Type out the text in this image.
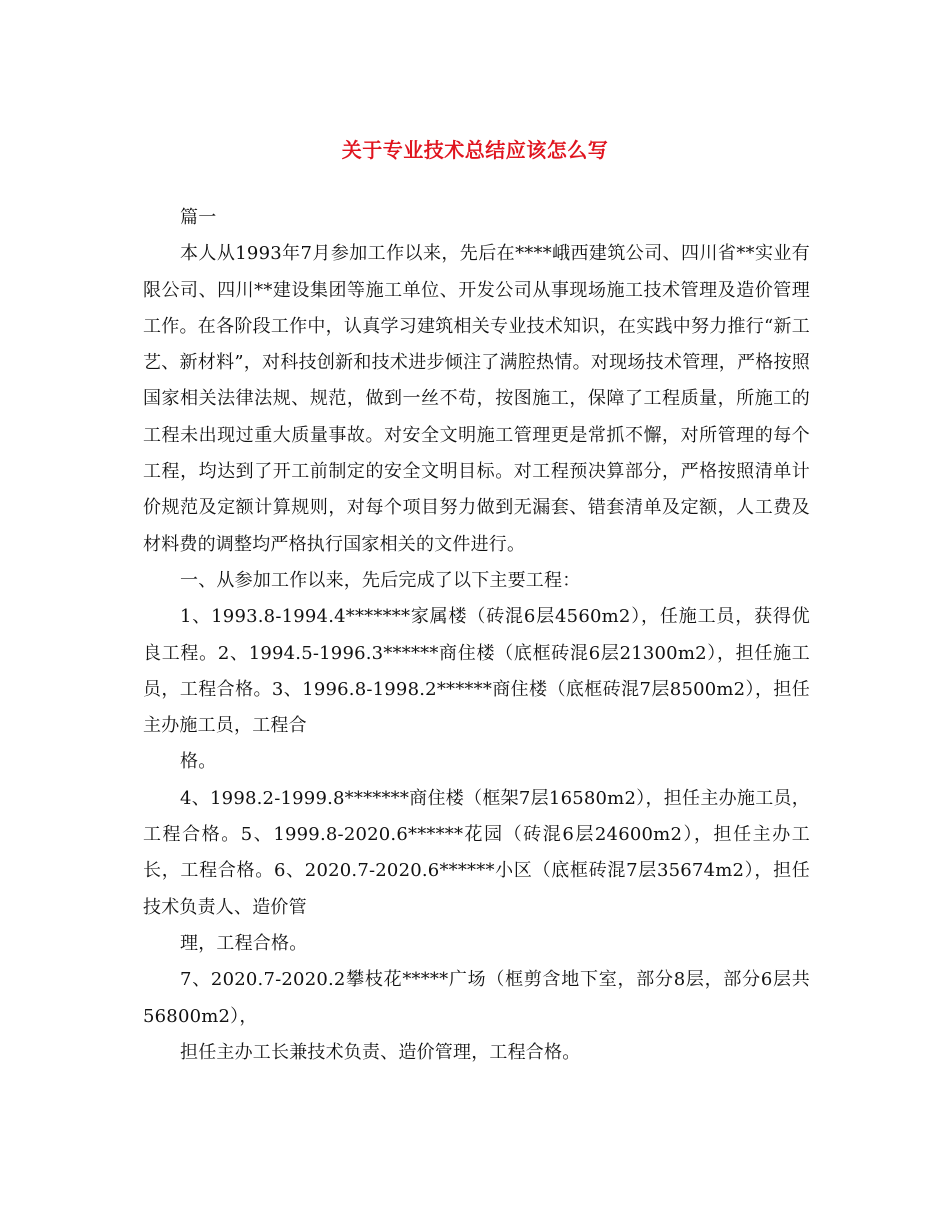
关于专业技术总结应该怎么写

篇一

本人从1993年7月参加工作以来，先后在****峨西建筑公司、四川省**实业有限公司、四川**建设集团等施工单位、开发公司从事现场施工技术管理及造价管理工作。在各阶段工作中，认真学习建筑相关专业技术知识，在实践中努力推行“新工艺、新材料”，对科技创新和技术进步倾注了满腔热情。对现场技术管理，严格按照国家相关法律法规、规范，做到一丝不苟，按图施工，保障了工程质量，所施工的工程未出现过重大质量事故。对安全文明施工管理更是常抓不懈，对所管理的每个工程，均达到了开工前制定的安全文明目标。对工程预决算部分，严格按照清单计价规范及定额计算规则，对每个项目努力做到无漏套、错套清单及定额，人工费及材料费的调整均严格执行国家相关的文件进行。

一、从参加工作以来，先后完成了以下主要工程：

1、1993.8-1994.4*******家属楼（砖混6层4560m2），任施工员，获得优良工程。2、1994.5-1996.3******商住楼（底框砖混6层21300m2），担任施工员，工程合格。3、1996.8-1998.2******商住楼（底框砖混7层8500m2），担任主办施工员，工程合

格。

4、1998.2-1999.8*******商住楼（框架7层16580m2），担任主办施工员，工程合格。5、1999.8-2020.6******花园（砖混6层24600m2），担任主办工长，工程合格。6、2020.7-2020.6******小区（底框砖混7层35674m2），担任技术负责人、造价管

理，工程合格。

7、2020.7-2020.2攀枝花*****广场（框剪含地下室，部分8层，部分6层共56800m2），

担任主办工长兼技术负责、造价管理，工程合格。
